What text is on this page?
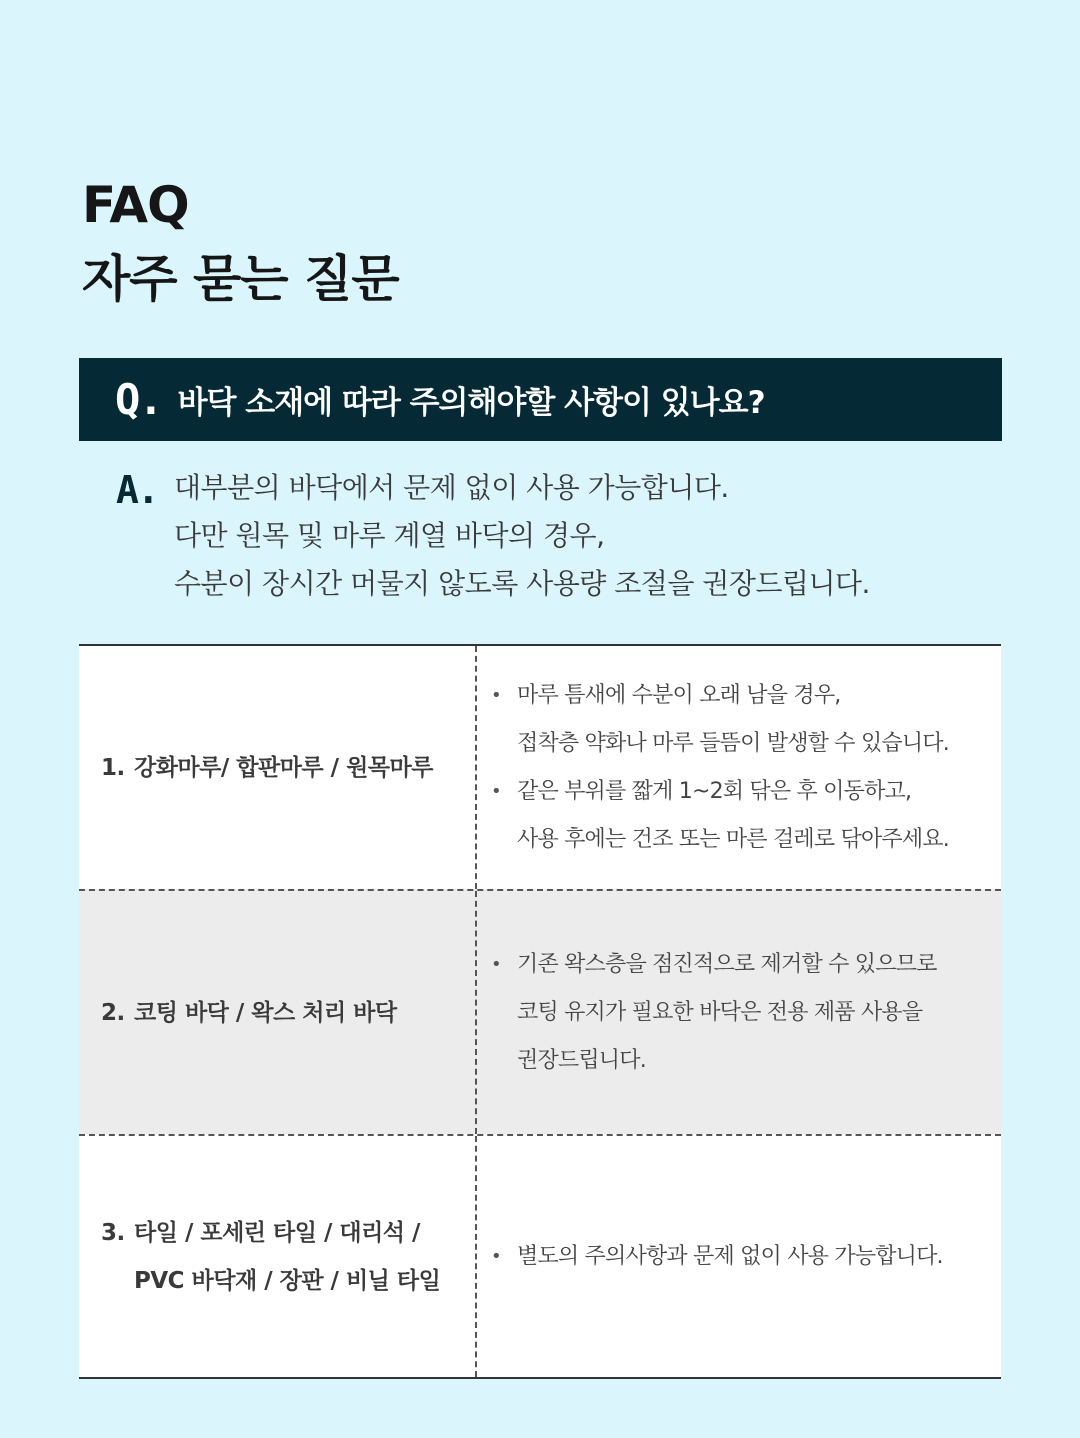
FAQ
자주 묻는 질문
Q. 바닥 소재에 따라 주의해야할 사항이 있나요?
A. 대부분의 바닥에서 문제 없이 사용 가능합니다.
다만 원목 및 마루 계열 바닥의 경우,
수분이 장시간 머물지 않도록 사용량 조절을 권장드립니다.
1. 강화마루/ 합판마루 / 원목마루
• 마루 틈새에 수분이 오래 남을 경우,
접착층 약화나 마루 들뜸이 발생할 수 있습니다.
• 같은 부위를 짧게 1~2회 닦은 후 이동하고,
사용 후에는 건조 또는 마른 걸레로 닦아주세요.
2. 코팅 바닥 / 왁스 처리 바닥
• 기존 왁스층을 점진적으로 제거할 수 있으므로
코팅 유지가 필요한 바닥은 전용 제품 사용을
권장드립니다.
3. 타일 / 포세린 타일 / 대리석 /
PVC 바닥재 / 장판 / 비닐 타일
• 별도의 주의사항과 문제 없이 사용 가능합니다.
